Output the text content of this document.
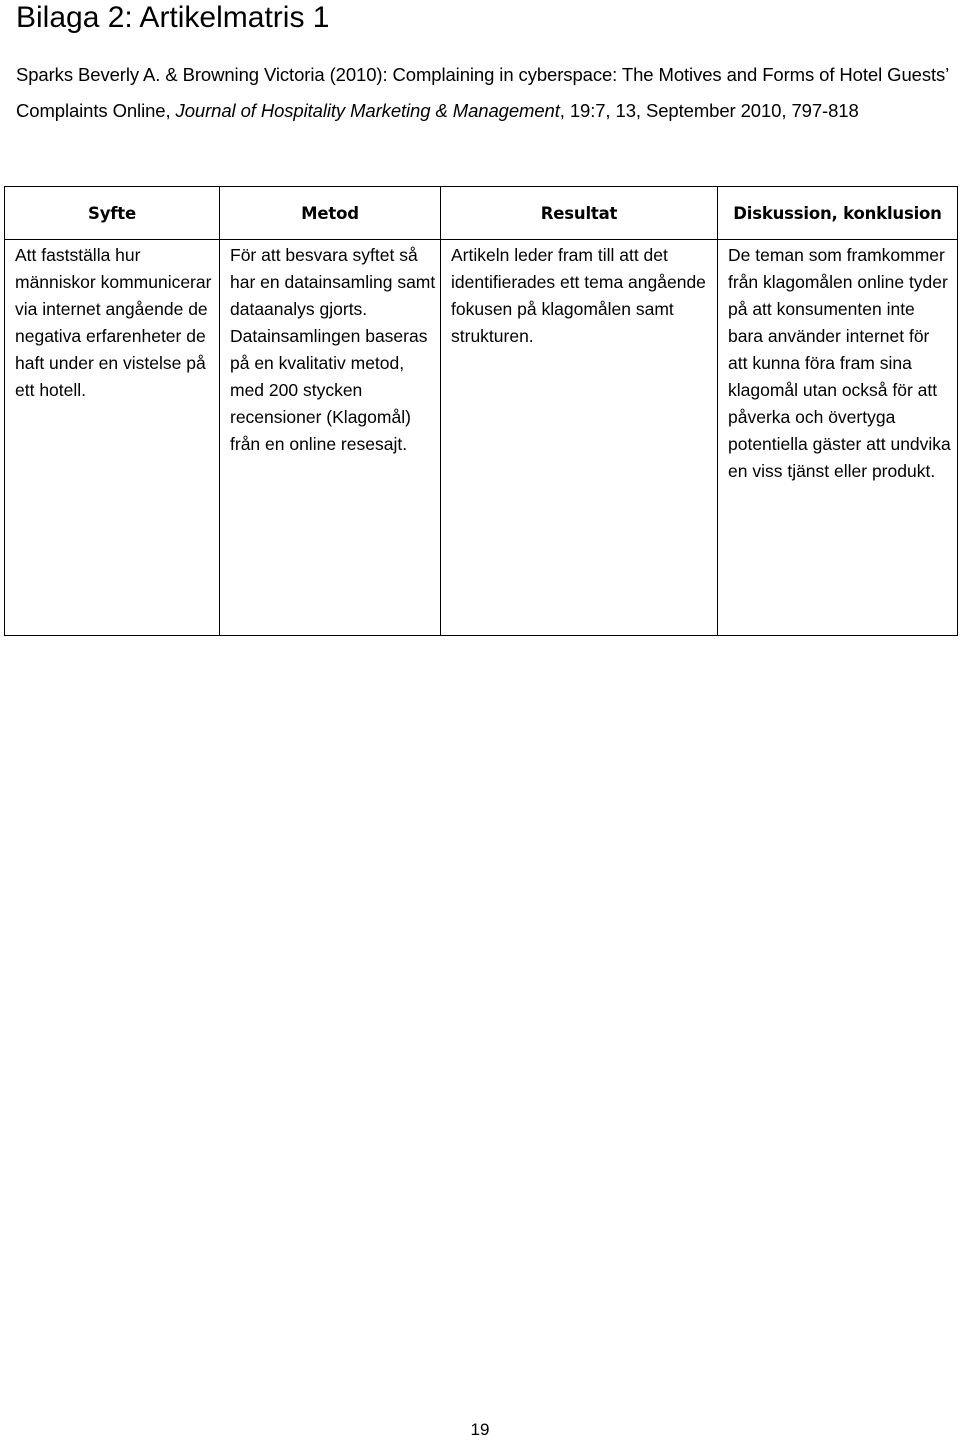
Bilaga 2: Artikelmatris 1

Sparks Beverly A. & Browning Victoria (2010): Complaining in cyberspace: The Motives and Forms of Hotel Guests’ Complaints Online, Journal of Hospitality Marketing & Management, 19:7, 13, September 2010, 797-818

Syfte	Metod	Resultat	Diskussion, konklusion

Att fastställa hur människor kommunicerar via internet angående de negativa erfarenheter de haft under en vistelse på ett hotell.	För att besvara syftet så har en datainsamling samt dataanalys gjorts. Datainsamlingen baseras på en kvalitativ metod, med 200 stycken recensioner (Klagomål) från en online resesajt.	Artikeln leder fram till att det identifierades ett tema angående fokusen på klagomålen samt strukturen.	De teman som framkommer från klagomålen online tyder på att konsumenten inte bara använder internet för att kunna föra fram sina klagomål utan också för att påverka och övertyga potentiella gäster att undvika en viss tjänst eller produkt.
19
